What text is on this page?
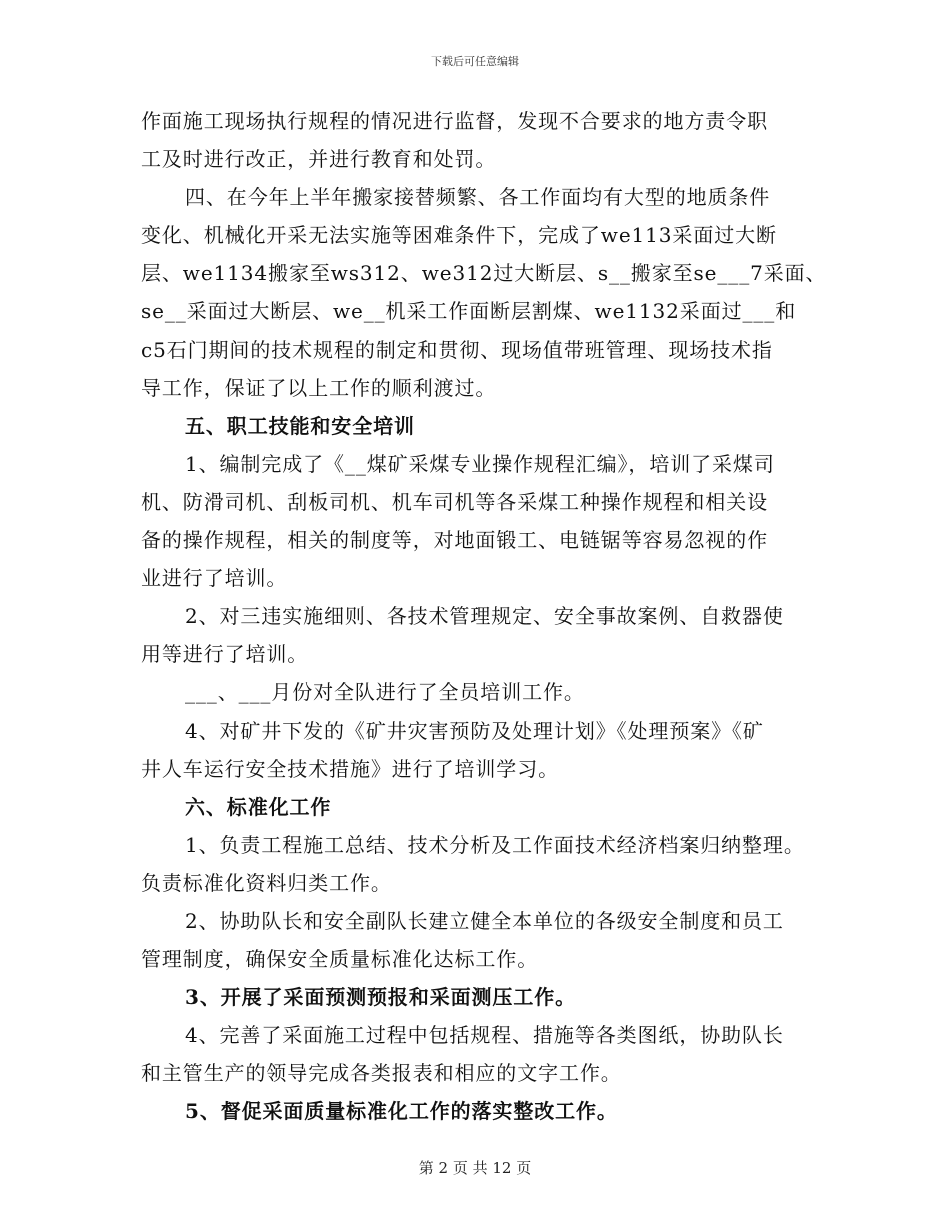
下载后可任意编辑
作面施工现场执行规程的情况进行监督，发现不合要求的地方责令职
工及时进行改正，并进行教育和处罚。
四、在今年上半年搬家接替频繁、各工作面均有大型的地质条件
变化、机械化开采无法实施等困难条件下，完成了we113采面过大断
层、we1134搬家至ws312、we312过大断层、s__搬家至se___7采面、
se__采面过大断层、we__机采工作面断层割煤、we1132采面过___和
c5石门期间的技术规程的制定和贯彻、现场值带班管理、现场技术指
导工作，保证了以上工作的顺利渡过。
五、职工技能和安全培训
1、编制完成了《__煤矿采煤专业操作规程汇编》，培训了采煤司
机、防滑司机、刮板司机、机车司机等各采煤工种操作规程和相关设
备的操作规程，相关的制度等，对地面锻工、电链锯等容易忽视的作
业进行了培训。
2、对三违实施细则、各技术管理规定、安全事故案例、自救器使
用等进行了培训。
___、___月份对全队进行了全员培训工作。
4、对矿井下发的《矿井灾害预防及处理计划》《处理预案》《矿
井人车运行安全技术措施》进行了培训学习。
六、标准化工作
1、负责工程施工总结、技术分析及工作面技术经济档案归纳整理。
负责标准化资料归类工作。
2、协助队长和安全副队长建立健全本单位的各级安全制度和员工
管理制度，确保安全质量标准化达标工作。
3、开展了采面预测预报和采面测压工作。
4、完善了采面施工过程中包括规程、措施等各类图纸，协助队长
和主管生产的领导完成各类报表和相应的文字工作。
5、督促采面质量标准化工作的落实整改工作。
第 2 页 共 12 页
